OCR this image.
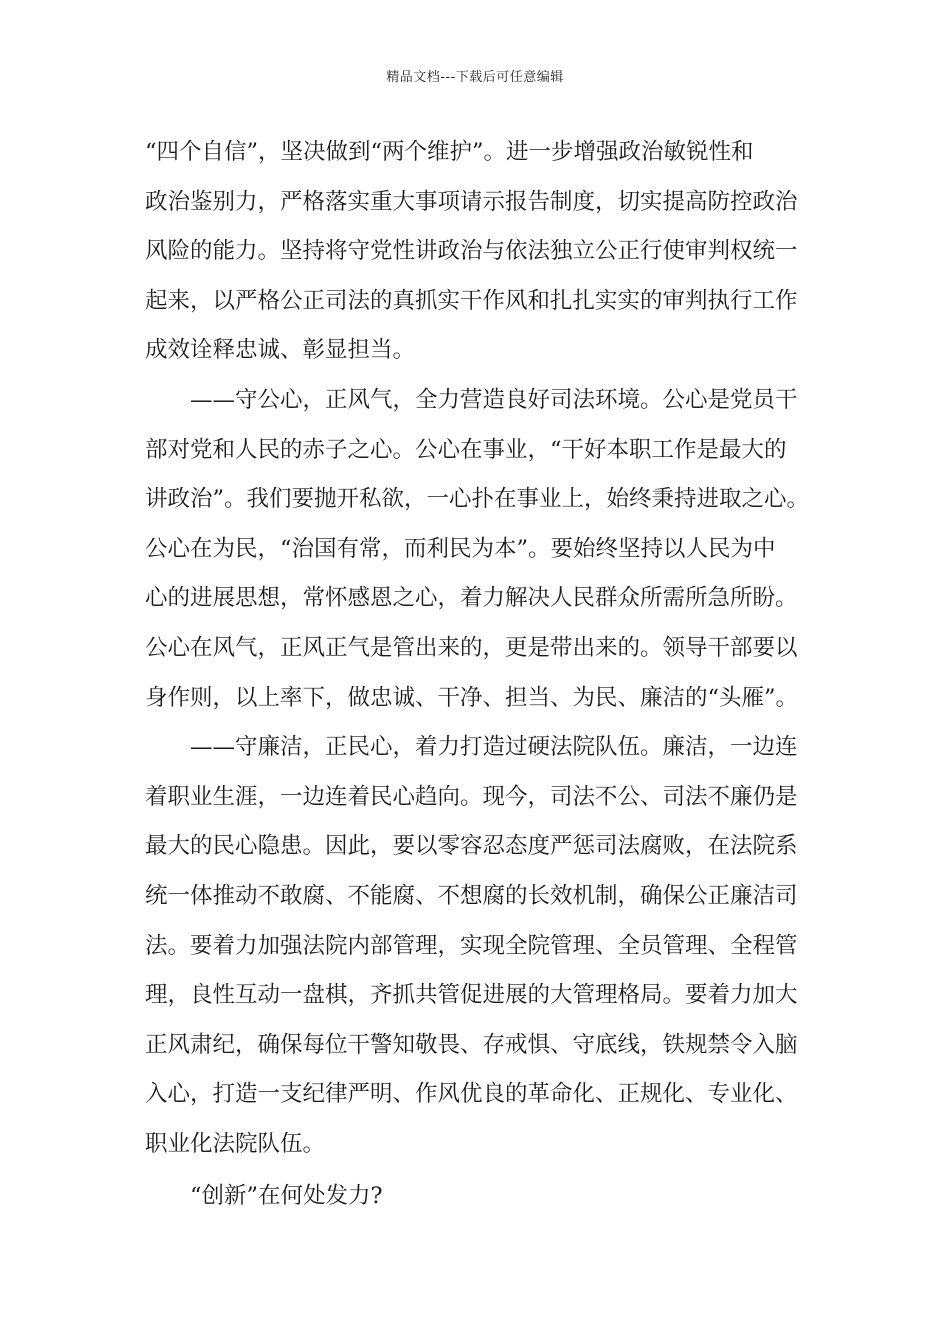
精品文档---下载后可任意编辑
“四个自信”，坚决做到“两个维护”。进一步增强政治敏锐性和
政治鉴别力，严格落实重大事项请示报告制度，切实提高防控政治
风险的能力。坚持将守党性讲政治与依法独立公正行使审判权统一
起来，以严格公正司法的真抓实干作风和扎扎实实的审判执行工作
成效诠释忠诚、彰显担当。
　　——守公心，正风气，全力营造良好司法环境。公心是党员干
部对党和人民的赤子之心。公心在事业，“干好本职工作是最大的
讲政治”。我们要抛开私欲，一心扑在事业上，始终秉持进取之心。
公心在为民，“治国有常，而利民为本”。要始终坚持以人民为中
心的进展思想，常怀感恩之心，着力解决人民群众所需所急所盼。
公心在风气，正风正气是管出来的，更是带出来的。领导干部要以
身作则，以上率下，做忠诚、干净、担当、为民、廉洁的“头雁”。
　　——守廉洁，正民心，着力打造过硬法院队伍。廉洁，一边连
着职业生涯，一边连着民心趋向。现今，司法不公、司法不廉仍是
最大的民心隐患。因此，要以零容忍态度严惩司法腐败，在法院系
统一体推动不敢腐、不能腐、不想腐的长效机制，确保公正廉洁司
法。要着力加强法院内部管理，实现全院管理、全员管理、全程管
理，良性互动一盘棋，齐抓共管促进展的大管理格局。要着力加大
正风肃纪，确保每位干警知敬畏、存戒惧、守底线，铁规禁令入脑
入心，打造一支纪律严明、作风优良的革命化、正规化、专业化、
职业化法院队伍。
“创新”在何处发力?
